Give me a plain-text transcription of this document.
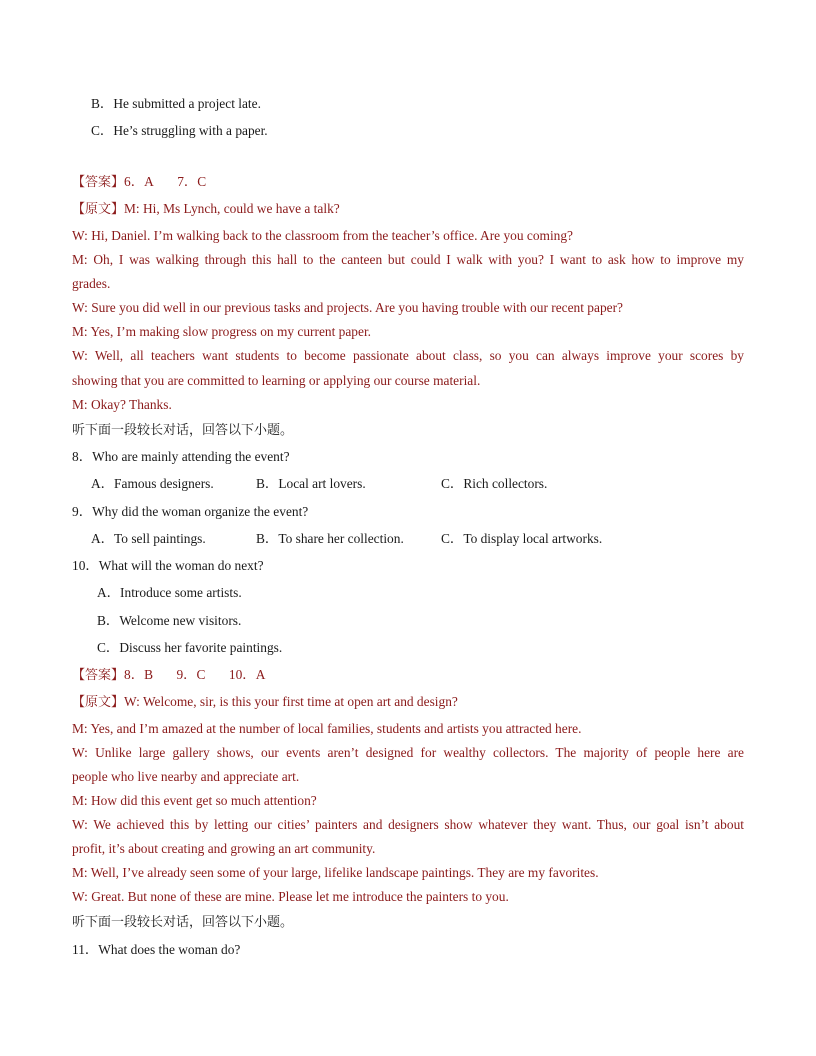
B．He submitted a project late.
C．He’s struggling with a paper.
【答案】6．A       7．C
【原文】M: Hi, Ms Lynch, could we have a talk?
W: Hi, Daniel. I’m walking back to the classroom from the teacher’s office. Are you coming?
M: Oh, I was walking through this hall to the canteen but could I walk with you? I want to ask how to improve my
grades.
W: Sure you did well in our previous tasks and projects. Are you having trouble with our recent paper?
M: Yes, I’m making slow progress on my current paper.
W: Well, all teachers want students to become passionate about class, so you can always improve your scores by
showing that you are committed to learning or applying our course material.
M: Okay? Thanks.
听下面一段较长对话，回答以下小题。
8．Who are mainly attending the event?
A．Famous designers.	B．Local art lovers.	C．Rich collectors.
9．Why did the woman organize the event?
A．To sell paintings.	B．To share her collection.	C．To display local artworks.
10．What will the woman do next?
A．Introduce some artists.
B．Welcome new visitors.
C．Discuss her favorite paintings.
【答案】8．B       9．C       10．A
【原文】W: Welcome, sir, is this your first time at open art and design?
M: Yes, and I’m amazed at the number of local families, students and artists you attracted here.
W: Unlike large gallery shows, our events aren’t designed for wealthy collectors. The majority of people here are
people who live nearby and appreciate art.
M: How did this event get so much attention?
W: We achieved this by letting our cities’ painters and designers show whatever they want. Thus, our goal isn’t about
profit, it’s about creating and growing an art community.
M: Well, I’ve already seen some of your large, lifelike landscape paintings. They are my favorites.
W: Great. But none of these are mine. Please let me introduce the painters to you.
听下面一段较长对话，回答以下小题。
11．What does the woman do?
